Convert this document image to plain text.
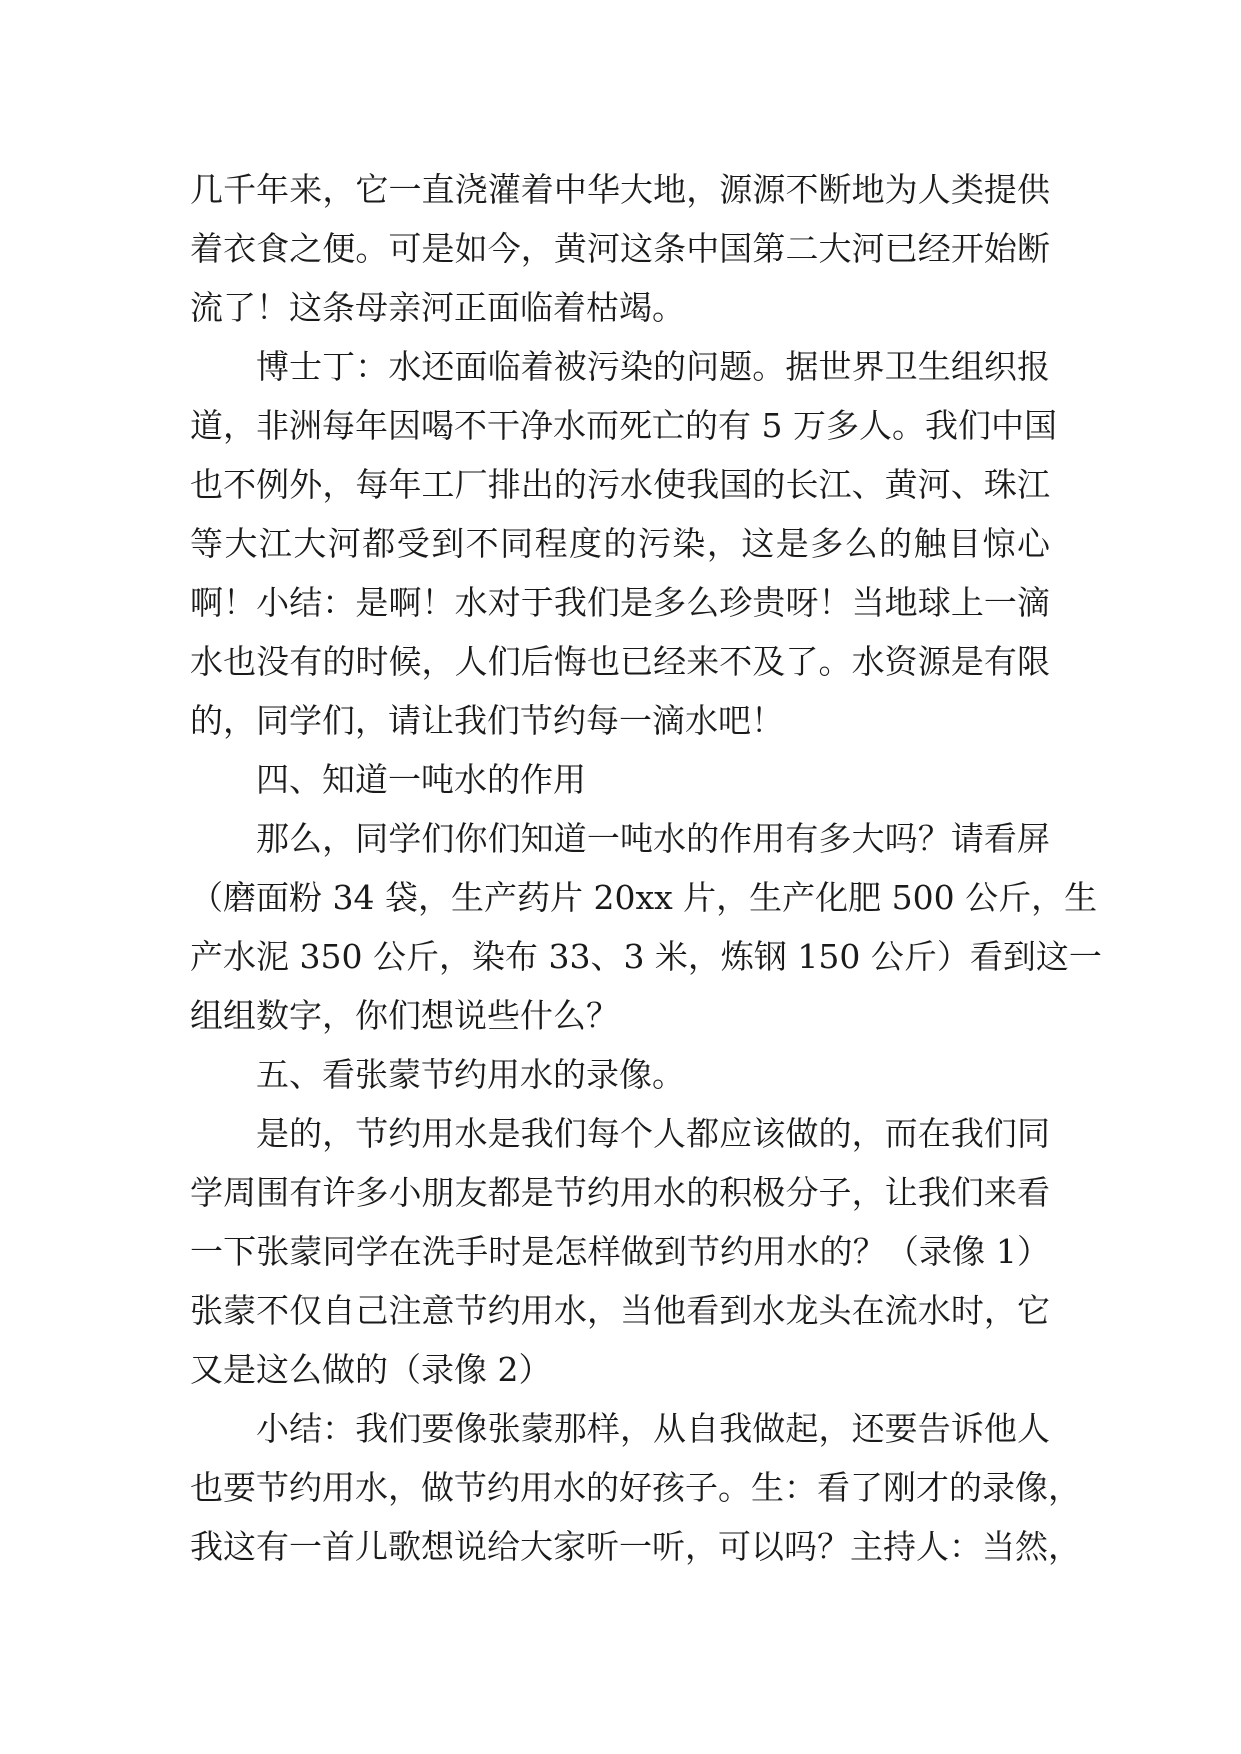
几千年来，它一直浇灌着中华大地，源源不断地为人类提供
着衣食之便。可是如今，黄河这条中国第二大河已经开始断
流了！这条母亲河正面临着枯竭。
博士丁：水还面临着被污染的问题。据世界卫生组织报
道，非洲每年因喝不干净水而死亡的有 5 万多人。我们中国
也不例外，每年工厂排出的污水使我国的长江、黄河、珠江
等大江大河都受到不同程度的污染，这是多么的触目惊心
啊！小结：是啊！水对于我们是多么珍贵呀！当地球上一滴
水也没有的时候，人们后悔也已经来不及了。水资源是有限
的，同学们，请让我们节约每一滴水吧！
四、知道一吨水的作用
那么，同学们你们知道一吨水的作用有多大吗？请看屏
（磨面粉 34 袋，生产药片 20xx 片，生产化肥 500 公斤，生
产水泥 350 公斤，染布 33、3 米，炼钢 150 公斤）看到这一
组组数字，你们想说些什么？
五、看张蒙节约用水的录像。
是的，节约用水是我们每个人都应该做的，而在我们同
学周围有许多小朋友都是节约用水的积极分子，让我们来看
一下张蒙同学在洗手时是怎样做到节约用水的？（录像 1）
张蒙不仅自己注意节约用水，当他看到水龙头在流水时，它
又是这么做的（录像 2）
小结：我们要像张蒙那样，从自我做起，还要告诉他人
也要节约用水，做节约用水的好孩子。生：看了刚才的录像，
我这有一首儿歌想说给大家听一听，可以吗？主持人：当然，
